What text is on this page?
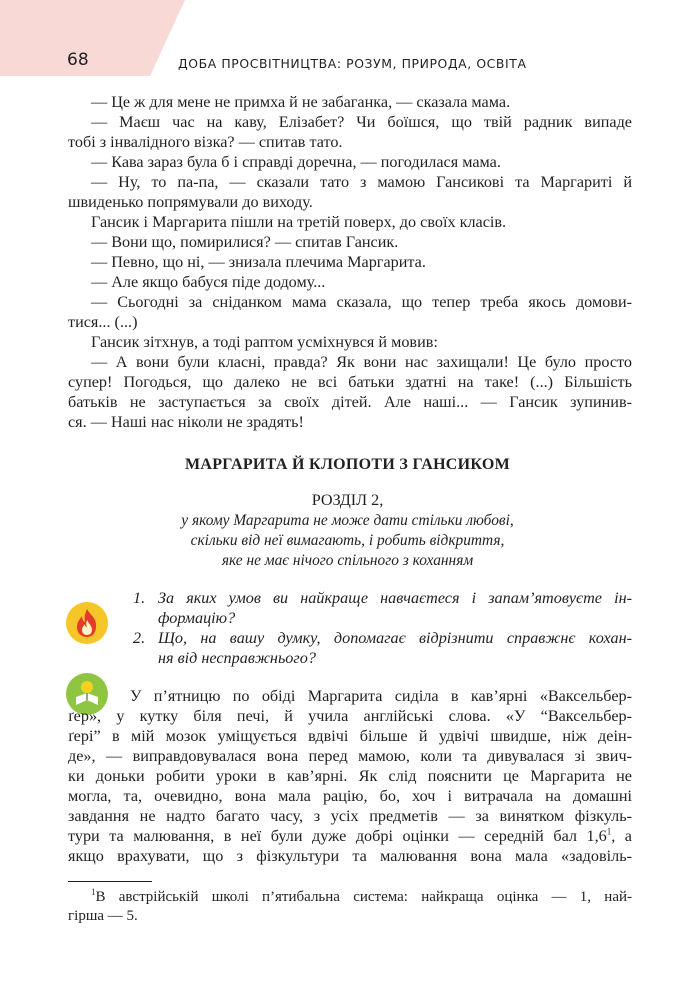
68	ДОБА ПРОСВІТНИЦТВА: РОЗУМ, ПРИРОДА, ОСВІТА
— Це ж для мене не примха й не забаганка, — сказала мама.
— Маєш час на каву, Елізабет? Чи боїшся, що твій радник випаде
тобі з інвалідного візка? — спитав тато.
— Кава зараз була б і справді доречна, — погодилася мама.
— Ну, то па-па, — сказали тато з мамою Гансикові та Маргариті й
швиденько попрямували до виходу.
Гансик і Маргарита пішли на третій поверх, до своїх класів.
— Вони що, помирилися? — спитав Гансик.
— Певно, що ні, — знизала плечима Маргарита.
— Але якщо бабуся піде додому...
— Сьогодні за сніданком мама сказала, що тепер треба якось домови-
тися... (...)
Гансик зітхнув, а тоді раптом усміхнувся й мовив:
— А вони були класні, правда? Як вони нас захищали! Це було просто
супер! Погодься, що далеко не всі батьки здатні на таке! (...) Більшість
батьків не заступається за своїх дітей. Але наші... — Гансик зупинив-
ся. — Наші нас ніколи не зрадять!
МАРГАРИТА Й КЛОПОТИ З ГАНСИКОМ
РОЗДІЛ 2,
у якому Маргарита не може дати стільки любові,
скільки від неї вимагають, і робить відкриття,
яке не має нічого спільного з коханням
1. За яких умов ви найкраще навчаєтеся і запам’ятовуєте ін-
формацію?
2. Що, на вашу думку, допомагає відрізнити справжнє кохан-
ня від несправжнього?
У п’ятницю по обіді Маргарита сиділа в кав’ярні «Ваксельбер-
ґер», у кутку біля печі, й учила англійські слова. «У “Ваксельбер-
ґері” в мій мозок уміщується вдвічі більше й удвічі швидше, ніж деін-
де», — виправдовувалася вона перед мамою, коли та дивувалася зі звич-
ки доньки робити уроки в кав’ярні. Як слід пояснити це Маргарита не
могла, та, очевидно, вона мала рацію, бо, хоч і витрачала на домашні
завдання не надто багато часу, з усіх предметів — за винятком фізкуль-
тури та малювання, в неї були дуже добрі оцінки — середній бал $1,6^1$, а
якщо врахувати, що з фізкультури та малювання вона мала «задовіль-
$^1$В австрійській школі п’ятибальна система: найкраща оцінка — 1, най-
гірша — 5.
